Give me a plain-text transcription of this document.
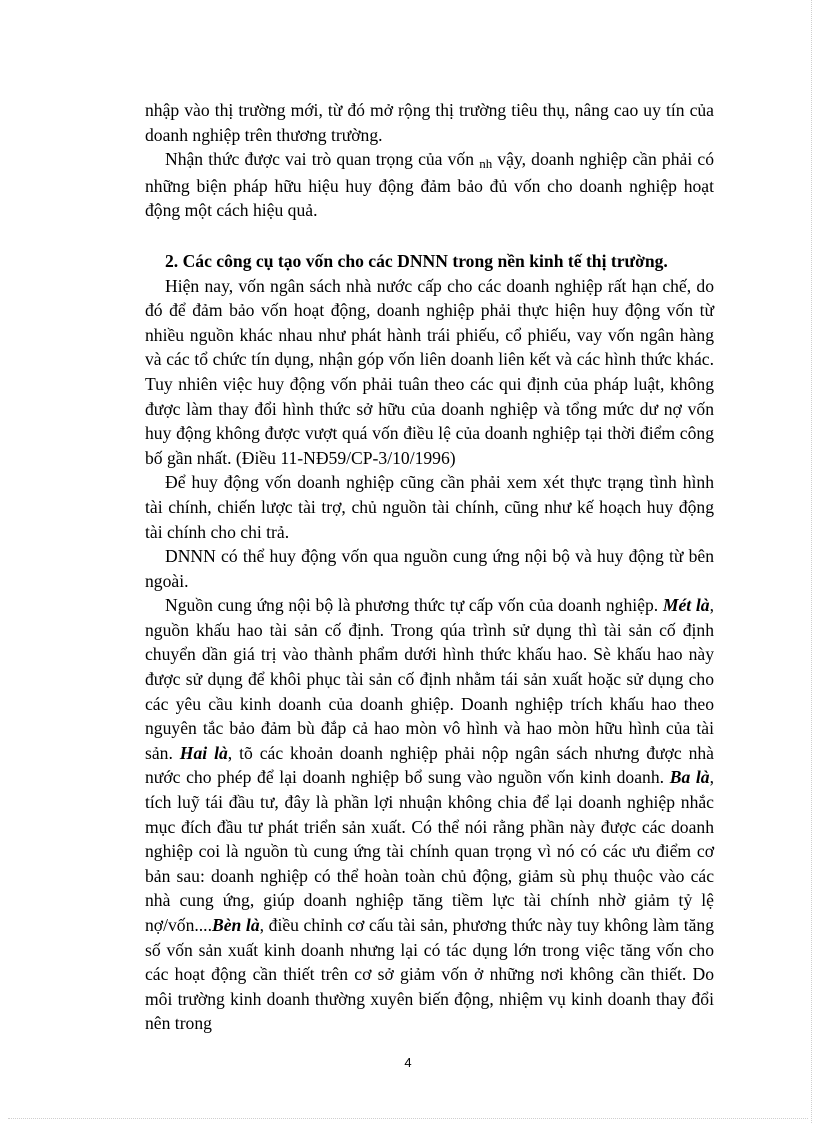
nhập vào thị trường mới, từ đó mở rộng thị trường tiêu thụ, nâng cao uy tín của doanh nghiệp trên thương trường.

Nhận thức được vai trò quan trọng của vốn nh vậy, doanh nghiệp cần phải có những biện pháp hữu hiệu huy động đảm bảo đủ vốn cho doanh nghiệp hoạt động một cách hiệu quả.

2. Các công cụ tạo vốn cho các DNNN trong nền kinh tế thị trường.

Hiện nay, vốn ngân sách nhà nước cấp cho các doanh nghiệp rất hạn chế, do đó để đảm bảo vốn hoạt động, doanh nghiệp phải thực hiện huy động vốn từ nhiều nguồn khác nhau như phát hành trái phiếu, cổ phiếu, vay vốn ngân hàng và các tổ chức tín dụng, nhận góp vốn liên doanh liên kết và các hình thức khác. Tuy nhiên việc huy động vốn phải tuân theo các qui định của pháp luật, không được làm thay đổi hình thức sở hữu của doanh nghiệp và tổng mức dư nợ vốn huy động không được vượt quá vốn điều lệ của doanh nghiệp tại thời điểm công bố gần nhất. (Điều 11-NĐ59/CP-3/10/1996)

Để huy động vốn doanh nghiệp cũng cần phải xem xét thực trạng tình hình tài chính, chiến lược tài trợ, chủ nguồn tài chính, cũng như kế hoạch huy động tài chính cho chi trả.

DNNN có thể huy động vốn qua nguồn cung ứng nội bộ và huy động từ bên ngoài.

Nguồn cung ứng nội bộ là phương thức tự cấp vốn của doanh nghiệp. Mét là, nguồn khấu hao tài sản cố định. Trong qúa trình sử dụng thì tài sản cố định chuyển dần giá trị vào thành phẩm dưới hình thức khấu hao. Sè khấu hao này được sử dụng để khôi phục tài sản cố định nhằm tái sản xuất hoặc sử dụng cho các yêu cầu kinh doanh của doanh ghiệp. Doanh nghiệp trích khấu hao theo nguyên tắc bảo đảm bù đắp cả hao mòn vô hình và hao mòn hữu hình của tài sản. Hai là, tõ các khoản doanh nghiệp phải nộp ngân sách nhưng được nhà nước cho phép để lại doanh nghiệp bổ sung vào nguồn vốn kinh doanh. Ba là, tích luỹ tái đầu tư, đây là phần lợi nhuận không chia để lại doanh nghiệp nhắc mục đích đầu tư phát triển sản xuất. Có thể nói rằng phần này được các doanh nghiệp coi là nguồn tù cung ứng tài chính quan trọng vì nó có các ưu điểm cơ bản sau: doanh nghiệp có thể hoàn toàn chủ động, giảm sù phụ thuộc vào các nhà cung ứng, giúp doanh nghiệp tăng tiềm lực tài chính nhờ giảm tỷ lệ nợ/vốn....Bèn là, điều chỉnh cơ cấu tài sản, phương thức này tuy không làm tăng số vốn sản xuất kinh doanh nhưng lại có tác dụng lớn trong việc tăng vốn cho các hoạt động cần thiết trên cơ sở giảm vốn ở những nơi không cần thiết. Do môi trường kinh doanh thường xuyên biến động, nhiệm vụ kinh doanh thay đổi nên trong

4
